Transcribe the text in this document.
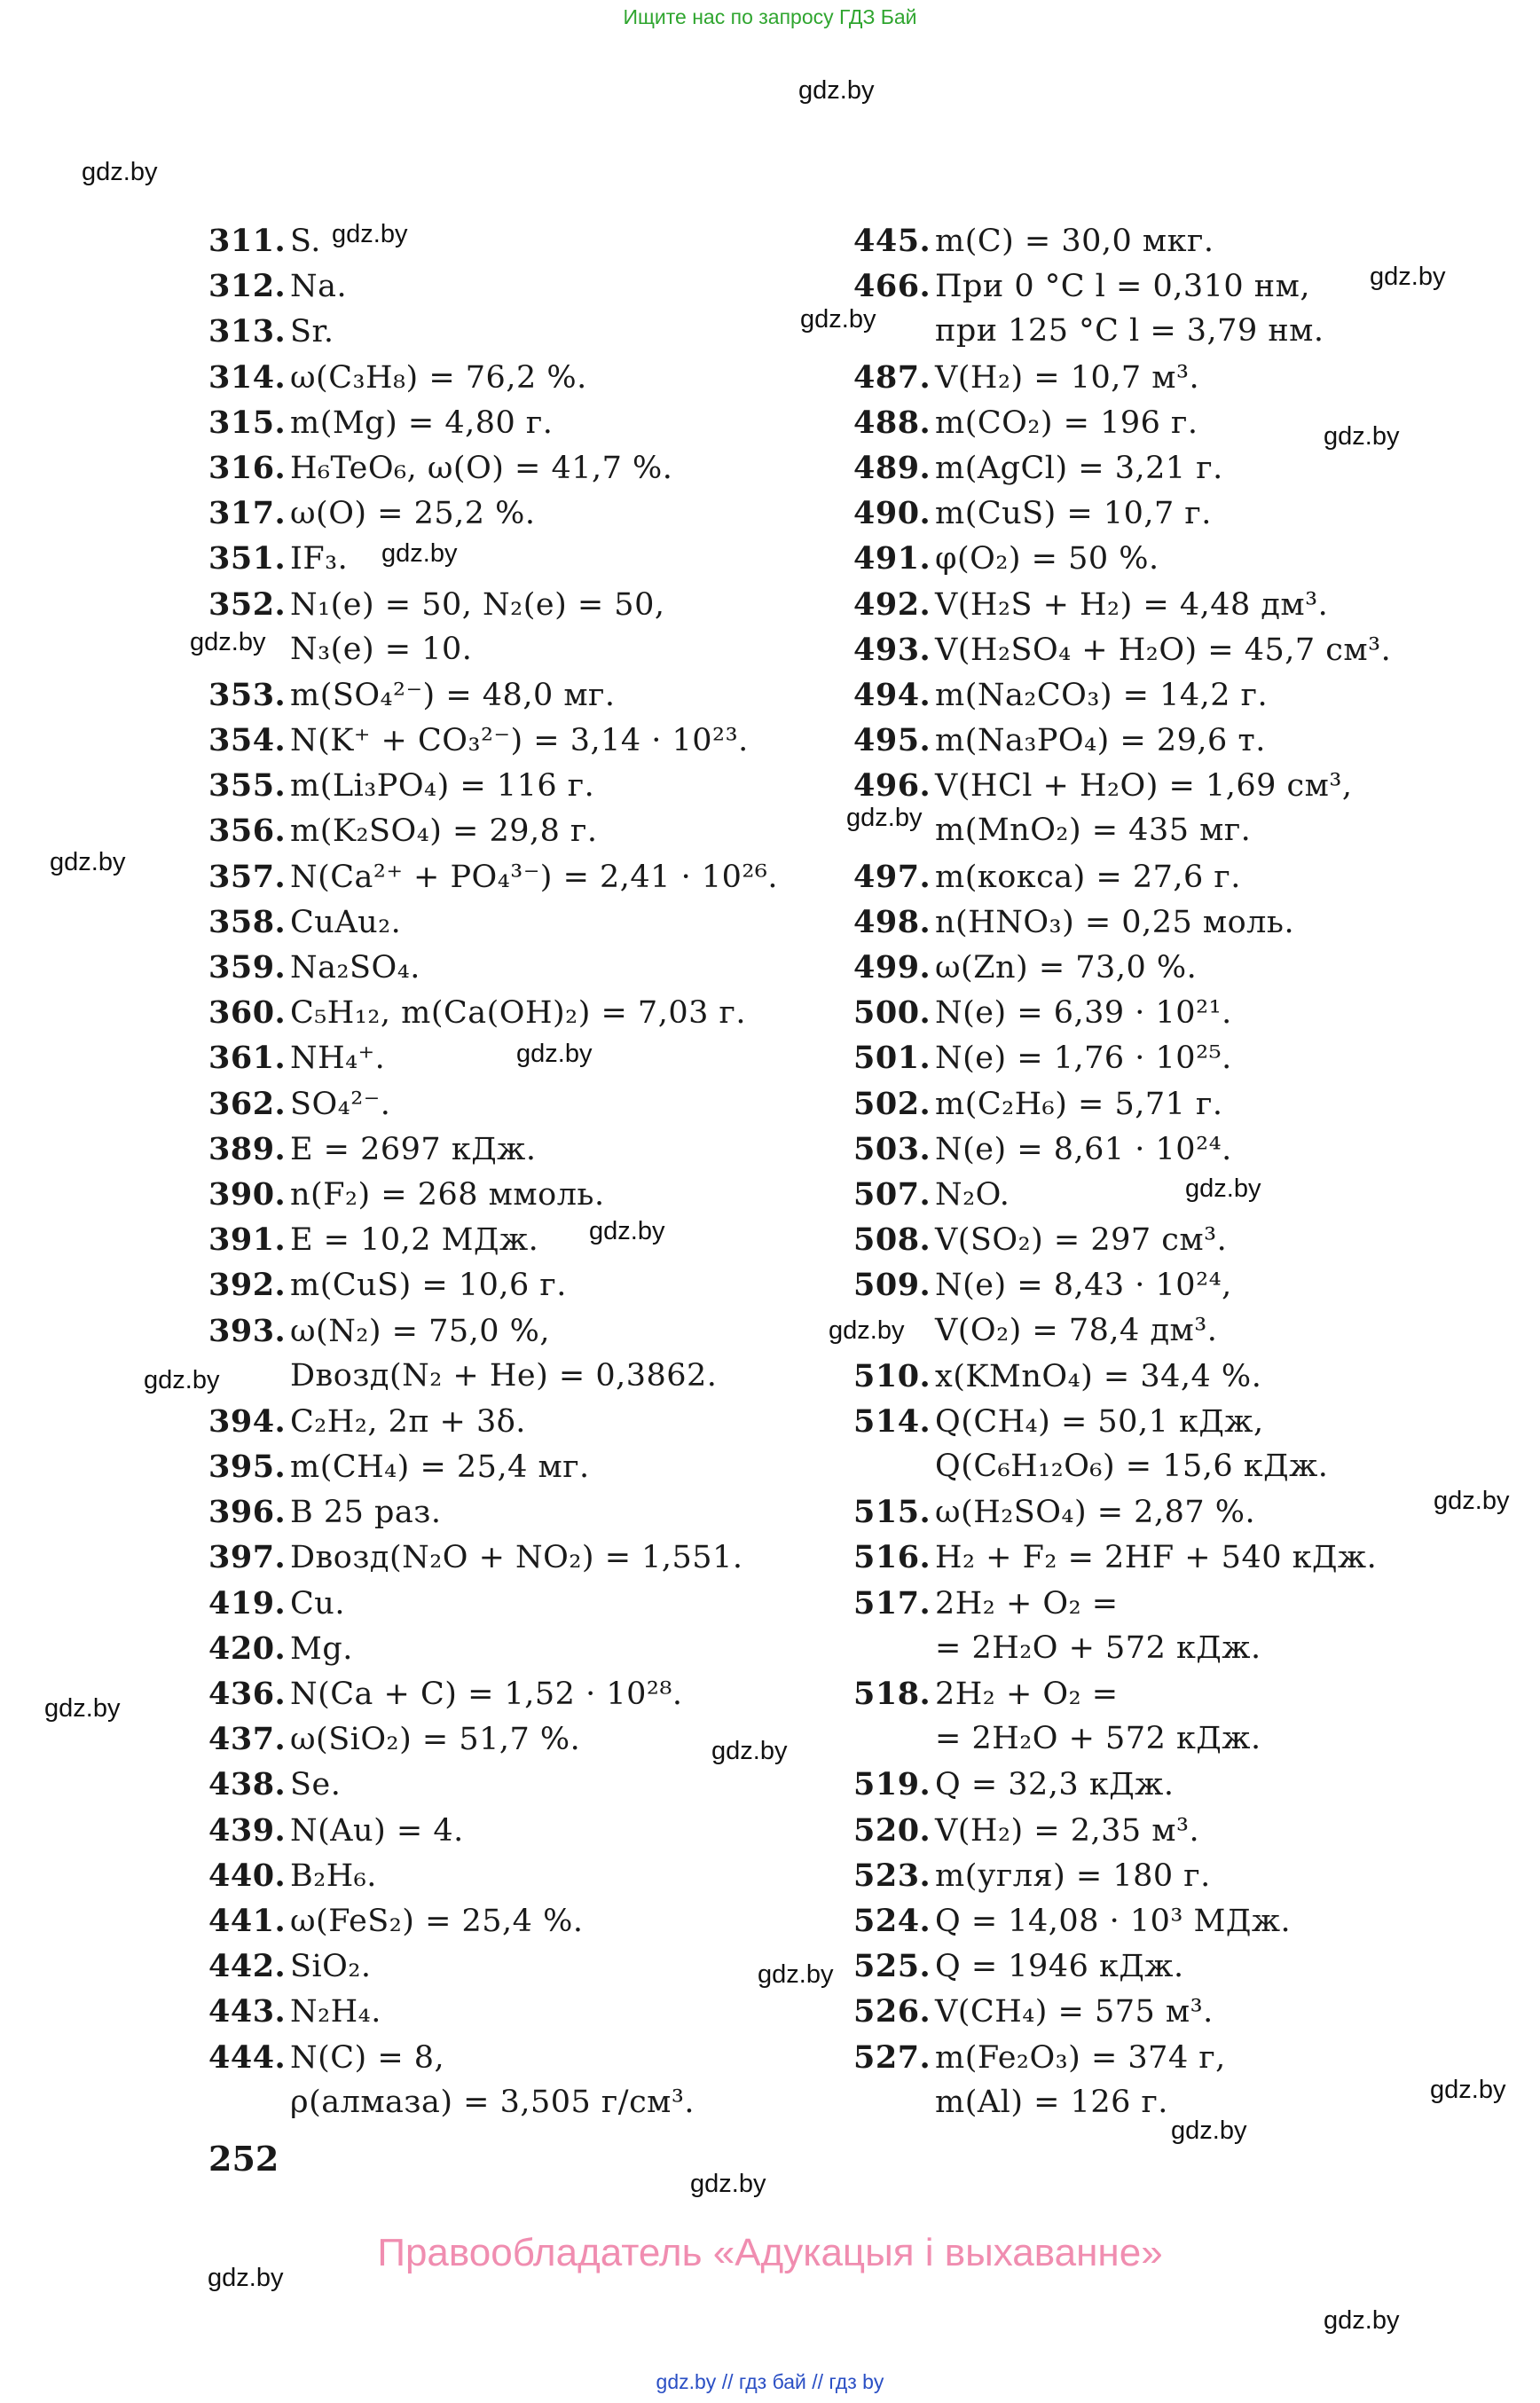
Ищите нас по запросу ГДЗ Бай
gdz.by
gdz.by
gdz.by
gdz.by
gdz.by
gdz.by
gdz.by
gdz.by
gdz.by
gdz.by
gdz.by
gdz.by
gdz.by
gdz.by
gdz.by
gdz.by
gdz.by
gdz.by
gdz.by
gdz.by
gdz.by
gdz.by
gdz.by
gdz.by
311. S.
312. Na.
313. Sr.
314. ω(C₃H₈) = 76,2 %.
315. m(Mg) = 4,80 г.
316. H₆TeO₆, ω(O) = 41,7 %.
317. ω(O) = 25,2 %.
351. IF₃.
352. N₁(e) = 50, N₂(e) = 50,
N₃(e) = 10.
353. m(SO₄²⁻) = 48,0 мг.
354. N(K⁺ + CO₃²⁻) = 3,14 · 10²³.
355. m(Li₃PO₄) = 116 г.
356. m(K₂SO₄) = 29,8 г.
357. N(Ca²⁺ + PO₄³⁻) = 2,41 · 10²⁶.
358. CuAu₂.
359. Na₂SO₄.
360. C₅H₁₂, m(Ca(OH)₂) = 7,03 г.
361. NH₄⁺.
362. SO₄²⁻.
389. E = 2697 кДж.
390. n(F₂) = 268 ммоль.
391. E = 10,2 МДж.
392. m(CuS) = 10,6 г.
393. ω(N₂) = 75,0 %,
Dвозд(N₂ + He) = 0,3862.
394. C₂H₂, 2π + 3δ.
395. m(CH₄) = 25,4 мг.
396. В 25 раз.
397. Dвозд(N₂O + NO₂) = 1,551.
419. Cu.
420. Mg.
436. N(Ca + C) = 1,52 · 10²⁸.
437. ω(SiO₂) = 51,7 %.
438. Se.
439. N(Au) = 4.
440. B₂H₆.
441. ω(FeS₂) = 25,4 %.
442. SiO₂.
443. N₂H₄.
444. N(C) = 8,
ρ(алмаза) = 3,505 г/см³.
445. m(C) = 30,0 мкг.
466. При 0 °C l = 0,310 нм,
при 125 °C l = 3,79 нм.
487. V(H₂) = 10,7 м³.
488. m(CO₂) = 196 г.
489. m(AgCl) = 3,21 г.
490. m(CuS) = 10,7 г.
491. φ(O₂) = 50 %.
492. V(H₂S + H₂) = 4,48 дм³.
493. V(H₂SO₄ + H₂O) = 45,7 см³.
494. m(Na₂CO₃) = 14,2 г.
495. m(Na₃PO₄) = 29,6 т.
496. V(HCl + H₂O) = 1,69 см³,
m(MnO₂) = 435 мг.
497. m(кокса) = 27,6 г.
498. n(HNO₃) = 0,25 моль.
499. ω(Zn) = 73,0 %.
500. N(e) = 6,39 · 10²¹.
501. N(e) = 1,76 · 10²⁵.
502. m(C₂H₆) = 5,71 г.
503. N(e) = 8,61 · 10²⁴.
507. N₂O.
508. V(SO₂) = 297 см³.
509. N(e) = 8,43 · 10²⁴,
V(O₂) = 78,4 дм³.
510. x(KMnO₄) = 34,4 %.
514. Q(CH₄) = 50,1 кДж,
Q(C₆H₁₂O₆) = 15,6 кДж.
515. ω(H₂SO₄) = 2,87 %.
516. H₂ + F₂ = 2HF + 540 кДж.
517. 2H₂ + O₂ =
= 2H₂O + 572 кДж.
518. 2H₂ + O₂ =
= 2H₂O + 572 кДж.
519. Q = 32,3 кДж.
520. V(H₂) = 2,35 м³.
523. m(угля) = 180 г.
524. Q = 14,08 · 10³ МДж.
525. Q = 1946 кДж.
526. V(CH₄) = 575 м³.
527. m(Fe₂O₃) = 374 г,
m(Al) = 126 г.
252
Правообладатель «Адукацыя і выхаванне»
gdz.by // гдз бай // гдз by
